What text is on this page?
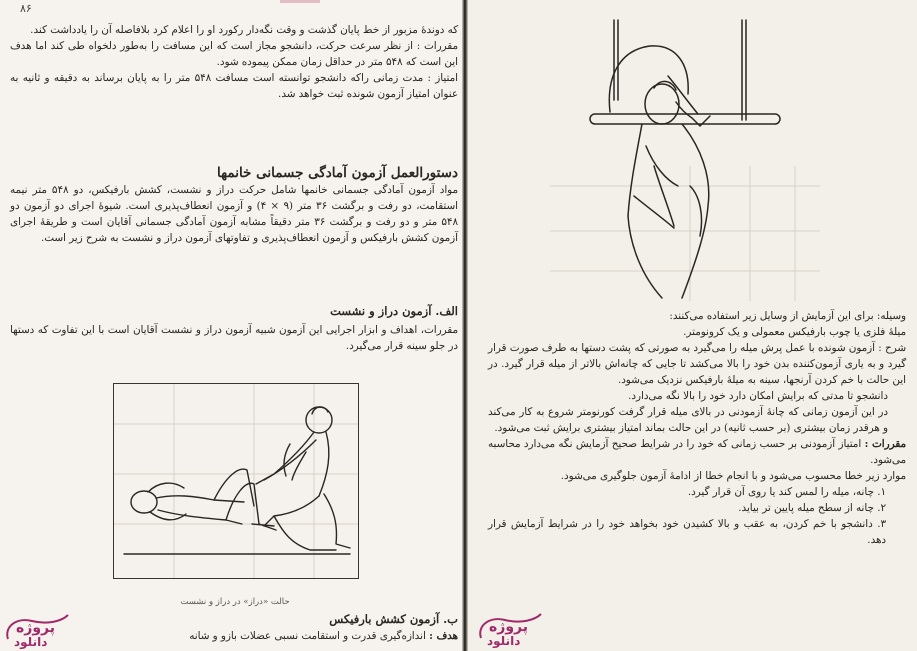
۸۶
که دوندهٔ مزبور از خط پایان گذشت و وقت نگه‌دار رکورد او را اعلام کرد بلافاصله آن را یادداشت کند.
مقررات : از نظر سرعت حرکت، دانشجو مجاز است که این مسافت را به‌طور دلخواه طی کند اما هدف این است که ۵۴۸ متر در حداقل زمان ممکن پیموده شود.
امتیاز : مدت زمانی راکه دانشجو توانسته است مسافت ۵۴۸ متر را به پایان برساند به دقیقه و ثانیه به عنوان امتیاز آزمون شونده ثبت خواهد شد.
دستورالعمل آزمون آمادگی جسمانی خانمها
مواد آزمون آمادگی جسمانی خانمها شامل حرکت دراز و نشست، کشش بارفیکس، دو ۵۴۸ متر نیمه استقامت، دو رفت و برگشت ۳۶ متر (۹ × ۴) و آزمون انعطاف‌پذیری است. شیوهٔ اجرای دو آزمون دو ۵۴۸ متر و دو رفت و برگشت ۳۶ متر دقیقاً مشابه آزمون آمادگی جسمانی آقایان است و طریقهٔ اجرای آزمون کشش بارفیکس و آزمون انعطاف‌پذیری و تفاوتهای آزمون دراز و نشست به شرح زیر است.
الف. آزمون دراز و نشست
مقررات، اهداف و ابزار اجرایی این آزمون شبیه آزمون دراز و نشست آقایان است با این تفاوت که دستها در جلو سینه قرار می‌گیرد.
حالت «دراز» در دراز و نشست
ب. آزمون کشش بارفیکس
هدف : اندازه‌گیری قدرت و استقامت نسبی عضلات بازو و شانه
پروژه
دانلود

وسیله: برای این آزمایش از وسایل زیر استفاده می‌کنند:

میلهٔ فلزی یا چوب بارفیکس معمولی و یک کرونومتر.

شرح : آزمون شونده با عمل پرش میله را می‌گیرد به صورتی که پشت دستها به طرف صورت قرار گیرد و به یاری آزمون‌کننده بدن خود را بالا می‌کشد تا جایی که چانه‌اش بالاتر از میله قرار گیرد. در این حالت با خم کردن آرنجها، سینه به میلهٔ بارفیکس نزدیک می‌شود.

دانشجو تا مدتی که برایش امکان دارد خود را بالا نگه می‌دارد.

در این آزمون زمانی که چانهٔ آزمودنی در بالای میله قرار گرفت کورنومتر شروع به کار می‌کند و هرقدر زمان بیشتری (بر حسب ثانیه) در این حالت بماند امتیاز بیشتری برایش ثبت می‌شود.

مقررات : امتیاز آزمودنی بر حسب زمانی که خود را در شرایط صحیح آزمایش نگه می‌دارد محاسبه می‌شود.

موارد زیر خطا محسوب می‌شود و با انجام خطا از ادامهٔ آزمون جلوگیری می‌شود.

۱. چانه، میله را لمس کند یا روی آن قرار گیرد.

۲. چانه از سطح میله پایین تر بیاید.

۳. دانشجو با خم کردن، به عقب و بالا کشیدن خود بخواهد خود را در شرایط آزمایش قرار دهد.

پروژه
دانلود
